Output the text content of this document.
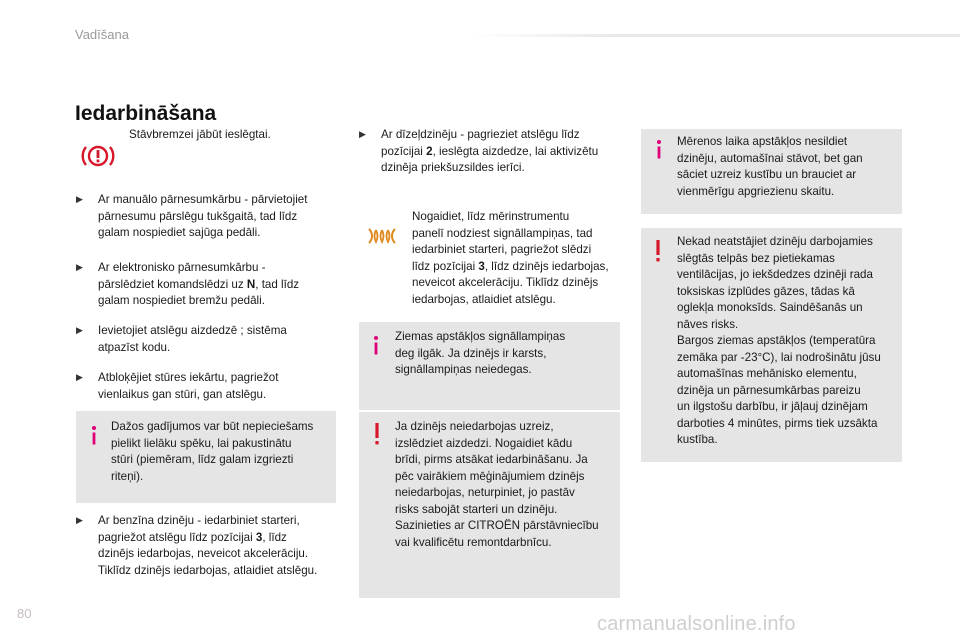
Vadīšana
Iedarbināšana
Stāvbremzei jābūt ieslēgtai.
▶ Ar manuālo pārnesumkārbu - pārvietojiet
pārnesumu pārslēgu tukšgaitā, tad līdz
galam nospiediet sajūga pedāli.
▶ Ar elektronisko pārnesumkārbu -
pārslēdziet komandslēdzi uz N, tad līdz
galam nospiediet bremžu pedāli.
▶ Ievietojiet atslēgu aizdedzē ; sistēma
atpazīst kodu.
▶ Atbloķējiet stūres iekārtu, pagriežot
vienlaikus gan stūri, gan atslēgu.
Dažos gadījumos var būt nepieciešams
pielikt lielāku spēku, lai pakustinātu
stūri (piemēram, līdz galam izgriezti
riteņi).
▶ Ar benzīna dzinēju - iedarbiniet starteri,
pagriežot atslēgu līdz pozīcijai 3, līdz
dzinējs iedarbojas, neveicot akcelerāciju.
Tiklīdz dzinējs iedarbojas, atlaidiet atslēgu.
▶ Ar dīzeļdzinēju - pagrieziet atslēgu līdz
pozīcijai 2, ieslēgta aizdedze, lai aktivizētu
dzinēja priekšuzsildes ierīci.
Nogaidiet, līdz mērinstrumentu
panelī nodziest signāllampiņas, tad
iedarbiniet starteri, pagriežot slēdzi
līdz pozīcijai 3, līdz dzinējs iedarbojas,
neveicot akcelerāciju. Tiklīdz dzinējs
iedarbojas, atlaidiet atslēgu.
Ziemas apstākļos signāllampiņas
deg ilgāk. Ja dzinējs ir karsts,
signāllampiņas neiedegas.
Ja dzinējs neiedarbojas uzreiz,
izslēdziet aizdedzi. Nogaidiet kādu
brīdi, pirms atsākat iedarbināšanu. Ja
pēc vairākiem mēģinājumiem dzinējs
neiedarbojas, neturpiniet, jo pastāv
risks sabojāt starteri un dzinēju.
Sazinieties ar CITROËN pārstāvniecību
vai kvalificētu remontdarbnīcu.
Mērenos laika apstākļos nesildiet
dzinēju, automašīnai stāvot, bet gan
sāciet uzreiz kustību un brauciet ar
vienmērīgu apgriezienu skaitu.
Nekad neatstājiet dzinēju darbojamies
slēgtās telpās bez pietiekamas
ventilācijas, jo iekšdedzes dzinēji rada
toksiskas izplūdes gāzes, tādas kā
oglekļa monoksīds. Saindēšanās un
nāves risks.
Bargos ziemas apstākļos (temperatūra
zemāka par -23°C), lai nodrošinātu jūsu
automašīnas mehānisko elementu,
dzinēja un pārnesumkārbas pareizu
un ilgstošu darbību, ir jāļauj dzinējam
darboties 4 minūtes, pirms tiek uzsākta
kustība.
80	carmanualsonline.info
